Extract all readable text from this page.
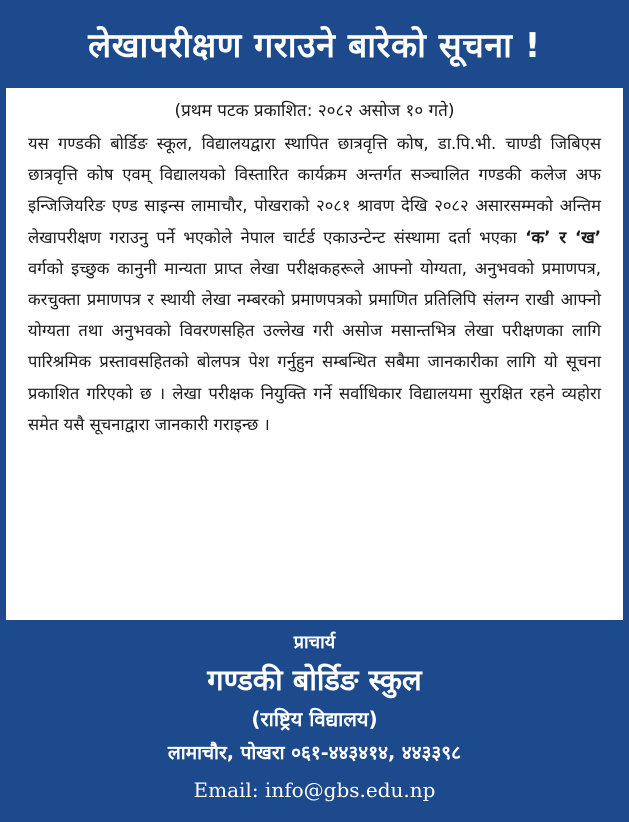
लेखापरीक्षण गराउने बारेको सूचना !
(प्रथम पटक प्रकाशित: २०८२ असोज १० गते)
यस गण्डकी बोर्डिङ स्कूल, विद्यालयद्वारा स्थापित छात्रवृत्ति कोष, डा.पि.भी. चाण्डी जिबिएस छात्रवृत्ति कोष एवम् विद्यालयको विस्तारित कार्यक्रम अन्तर्गत सञ्चालित गण्डकी कलेज अफ इन्जिजियरिङ एण्ड साइन्स लामाचौर, पोखराको २०८१ श्रावण देखि २०८२ असारसम्मको अन्तिम लेखापरीक्षण गराउनु पर्ने भएकोले नेपाल चार्टर्ड एकाउन्टेन्ट संस्थामा दर्ता भएका ‘क’ र ‘ख’ वर्गको इच्छुक कानुनी मान्यता प्राप्त लेखा परीक्षकहरूले आफ्नो योग्यता, अनुभवको प्रमाणपत्र, करचुक्ता प्रमाणपत्र र स्थायी लेखा नम्बरको प्रमाणपत्रको प्रमाणित प्रतिलिपि संलग्न राखी आफ्नो योग्यता तथा अनुभवको विवरणसहित उल्लेख गरी असोज मसान्तभित्र लेखा परीक्षणका लागि पारिश्रमिक प्रस्तावसहितको बोलपत्र पेश गर्नुहुन सम्बन्धित सबैमा जानकारीका लागि यो सूचना प्रकाशित गरिएको छ । लेखा परीक्षक नियुक्ति गर्ने सर्वाधिकार विद्यालयमा सुरक्षित रहने व्यहोरा समेत यसै सूचनाद्वारा जानकारी गराइन्छ ।
प्राचार्य
गण्डकी बोर्डिङ स्कुल
(राष्ट्रिय विद्यालय)
लामाचौर, पोखरा ०६१-४४३४१४, ४४३३९८
Email: info@gbs.edu.np
